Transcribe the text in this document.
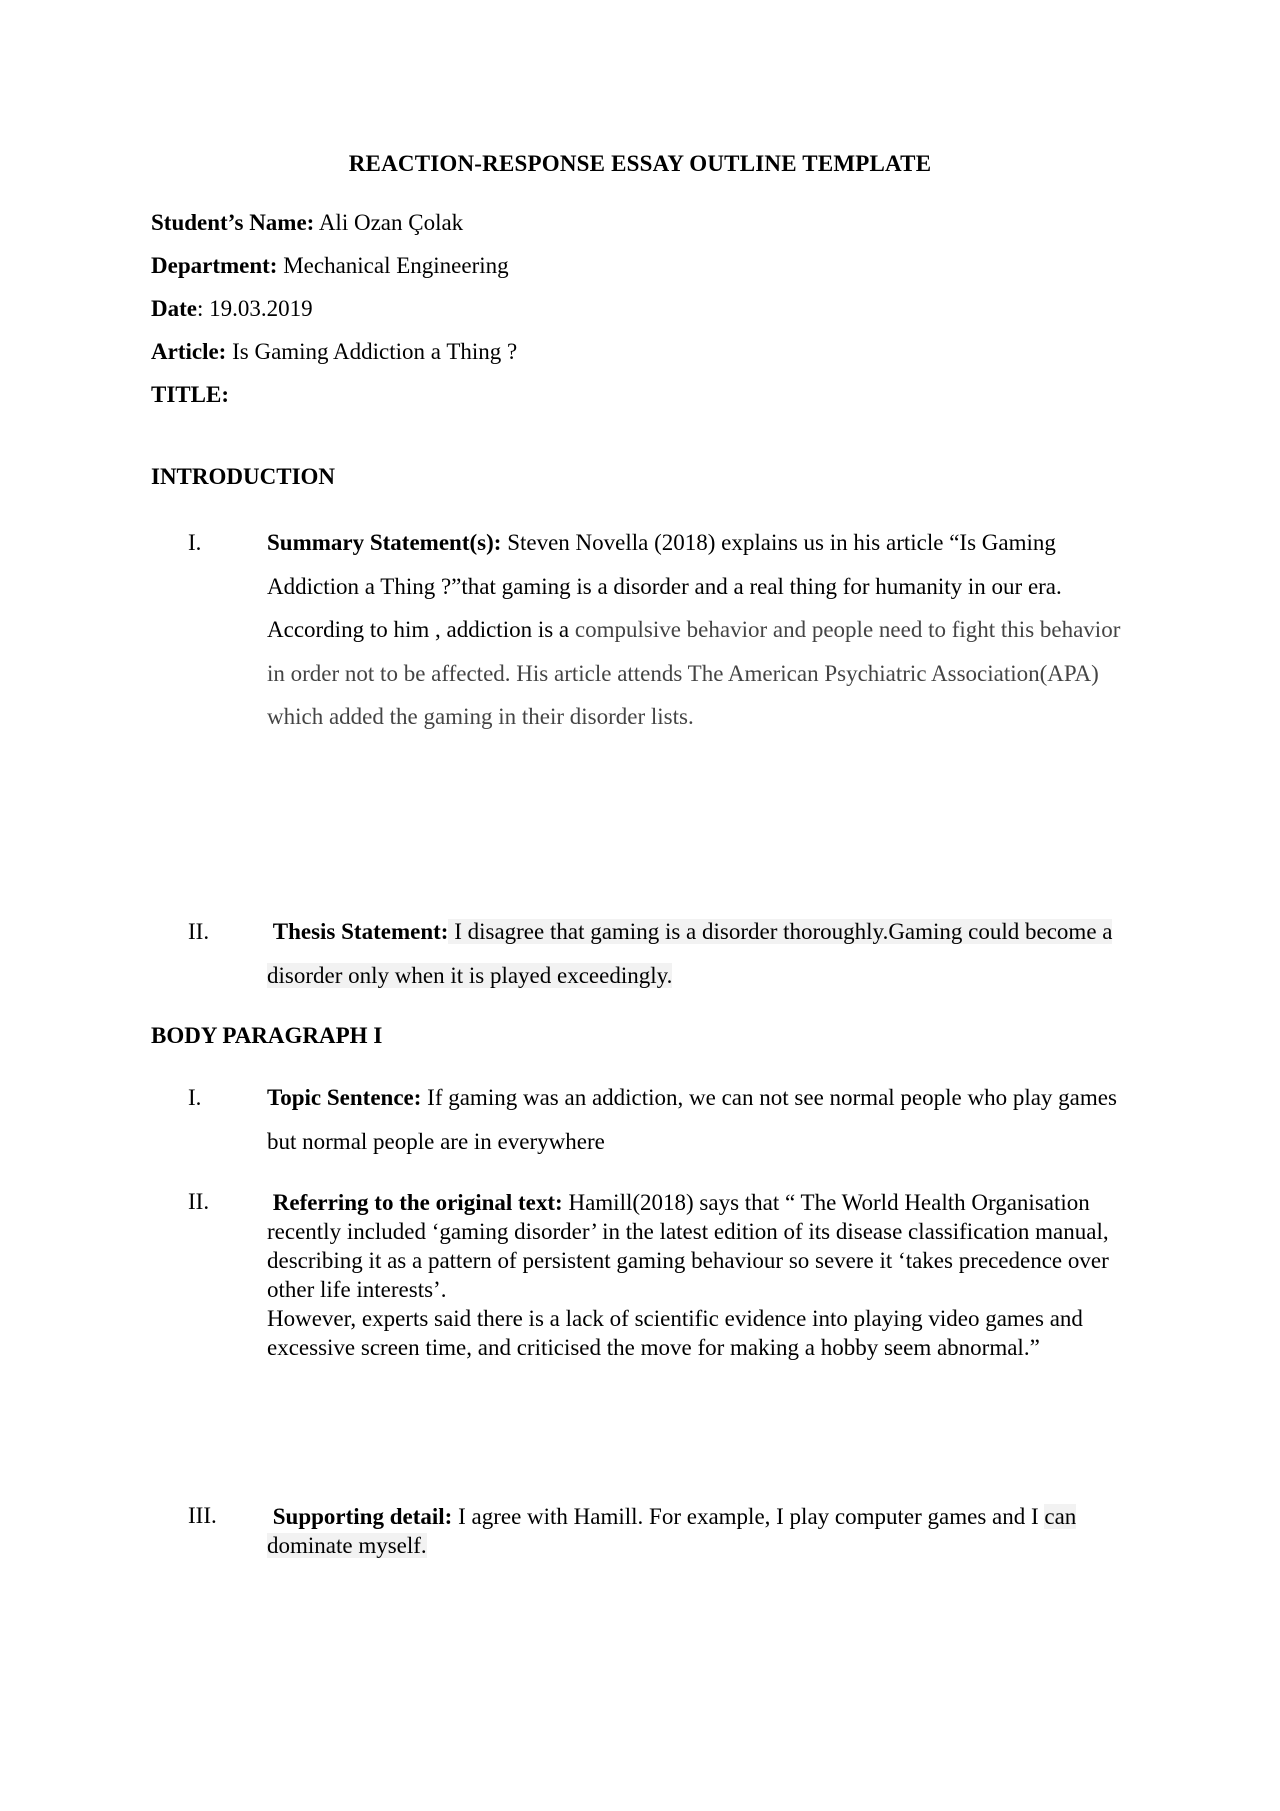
REACTION-RESPONSE ESSAY OUTLINE TEMPLATE
Student’s Name: Ali Ozan Çolak
Department: Mechanical Engineering
Date: 19.03.2019
Article: Is Gaming Addiction a Thing ?
TITLE:
INTRODUCTION
I.	Summary Statement(s): Steven Novella (2018) explains us in his article “Is Gaming Addiction a Thing ?”that gaming is a disorder and a real thing for humanity in our era. According to him , addiction is a compulsive behavior and people need to fight this behavior in order not to be affected. His article attends The American Psychiatric Association(APA) which added the gaming in their disorder lists.
II.	Thesis Statement: I disagree that gaming is a disorder thoroughly.Gaming could become a disorder only when it is played exceedingly.
BODY PARAGRAPH I
I.	Topic Sentence: If gaming was an addiction, we can not see normal people who play games but normal people are in everywhere
II.	Referring to the original text: Hamill(2018) says that “ The World Health Organisation recently included ‘gaming disorder’ in the latest edition of its disease classification manual, describing it as a pattern of persistent gaming behaviour so severe it ‘takes precedence over other life interests’.
However, experts said there is a lack of scientific evidence into playing video games and excessive screen time, and criticised the move for making a hobby seem abnormal.”
III. Supporting detail: I agree with Hamill. For example, I play computer games and I can dominate myself.
